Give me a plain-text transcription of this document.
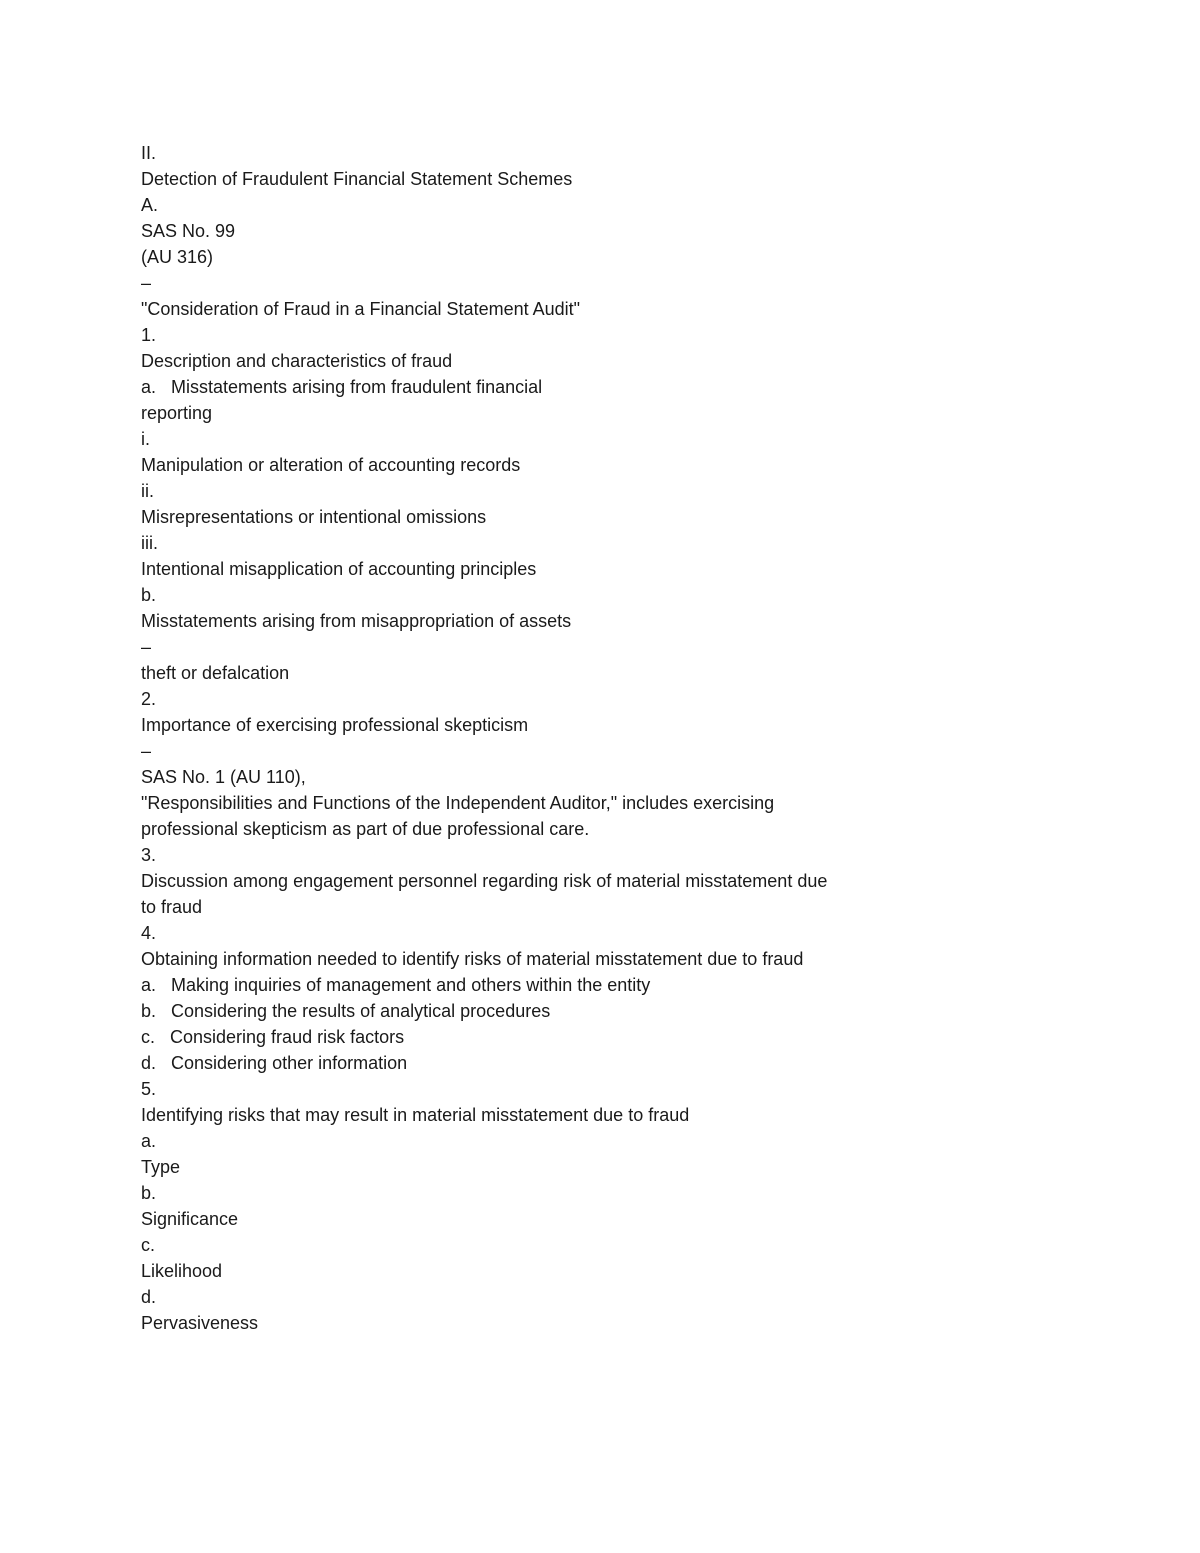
II.
Detection of Fraudulent Financial Statement Schemes
A.
SAS No. 99
(AU 316)
–
"Consideration of Fraud in a Financial Statement Audit"
1.
Description and characteristics of fraud
a.   Misstatements arising from fraudulent financial
reporting
i.
Manipulation or alteration of accounting records
ii.
Misrepresentations or intentional omissions
iii.
Intentional misapplication of accounting principles
b.
Misstatements arising from misappropriation of assets
–
theft or defalcation
2.
Importance of exercising professional skepticism
–
SAS No. 1 (AU 110),
"Responsibilities and Functions of the Independent Auditor," includes exercising
professional skepticism as part of due professional care.
3.
Discussion among engagement personnel regarding risk of material misstatement due
to fraud
4.
Obtaining information needed to identify risks of material misstatement due to fraud
a.   Making inquiries of management and others within the entity
b.   Considering the results of analytical procedures
c.   Considering fraud risk factors
d.   Considering other information
5.
Identifying risks that may result in material misstatement due to fraud
a.
Type
b.
Significance
c.
Likelihood
d.
Pervasiveness
